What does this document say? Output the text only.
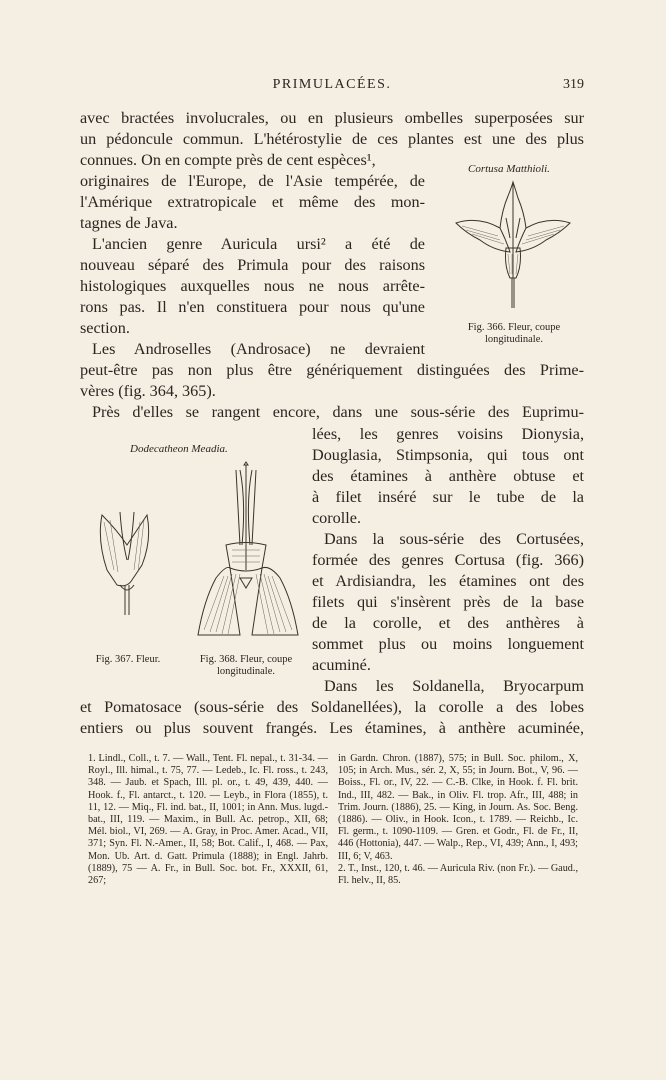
PRIMULACÉES.	319
avec bractées involucrales, ou en plusieurs ombelles superposées sur
un pédoncule commun. L'hétérostylie de ces plantes est une des plus
connues. On en compte près de cent espèces¹,
originaires de l'Europe, de l'Asie tempérée, de
l'Amérique extratropicale et même des mon-
tagnes de Java.
L'ancien genre Auricula ursi² a été de
nouveau séparé des Primula pour des raisons
histologiques auxquelles nous ne nous arrête-
rons pas. Il n'en constituera pour nous qu'une
section.
Les Androselles (Androsace) ne devraient
peut-être pas non plus être génériquement distinguées des Prime-
vères (fig. 364, 365).
Près d'elles se rangent encore, dans une sous-série des Euprimu-
lées, les genres voisins Dionysia,
Douglasia, Stimpsonia, qui tous ont
des étamines à anthère obtuse et
à filet inséré sur le tube de la
corolle.
Dans la sous-série des Cortusées,
formée des genres Cortusa (fig. 366)
et Ardisiandra, les étamines ont des
filets qui s'insèrent près de la base
de la corolle, et des anthères à
sommet plus ou moins longuement
acuminé.
Dans les Soldanella, Bryocarpum
et Pomatosace (sous-série des Soldanellées), la corolle a des lobes
entiers ou plus souvent frangés. Les étamines, à anthère acuminée,
Cortusa Matthioli.
Fig. 366. Fleur, coupe
longitudinale.
Dodecatheon Meadia.
Fig. 367. Fleur.	Fig. 368. Fleur, coupe
longitudinale.

1. Lindl., Coll., t. 7. — Wall., Tent. Fl. nepal., t. 31-34. — Royl., Ill. himal., t. 75, 77. — Ledeb., Ic. Fl. ross., t. 243, 348. — Jaub. et Spach, Ill. pl. or., t. 49, 439, 440. — Hook. f., Fl. antarct., t. 120. — Leyb., in Flora (1855), t. 11, 12. — Miq., Fl. ind. bat., II, 1001; in Ann. Mus. lugd.-bat., III, 119. — Maxim., in Bull. Ac. petrop., XII, 68; Mél. biol., VI, 269. — A. Gray, in Proc. Amer. Acad., VII, 371; Syn. Fl. N.-Amer., II, 58; Bot. Calif., I, 468. — Pax, Mon. Ub. Art. d. Gatt. Primula (1888); in Engl. Jahrb. (1889), 75 — A. Fr., in Bull. Soc. bot. Fr., XXXII, 61, 267;

in Gardn. Chron. (1887), 575; in Bull. Soc. philom., X, 105; in Arch. Mus., sér. 2, X, 55; in Journ. Bot., V, 96. — Boiss., Fl. or., IV, 22. — C.-B. Clke, in Hook. f. Fl. brit. Ind., III, 482. — Bak., in Oliv. Fl. trop. Afr., III, 488; in Trim. Journ. (1886), 25. — King, in Journ. As. Soc. Beng. (1886). — Oliv., in Hook. Icon., t. 1789. — Reichb., Ic. Fl. germ., t. 1090-1109. — Gren. et Godr., Fl. de Fr., II, 446 (Hottonia), 447. — Walp., Rep., VI, 439; Ann., I, 493; III, 6; V, 463.

2. T., Inst., 120, t. 46. — Auricula Riv. (non Fr.). — Gaud., Fl. helv., II, 85.
